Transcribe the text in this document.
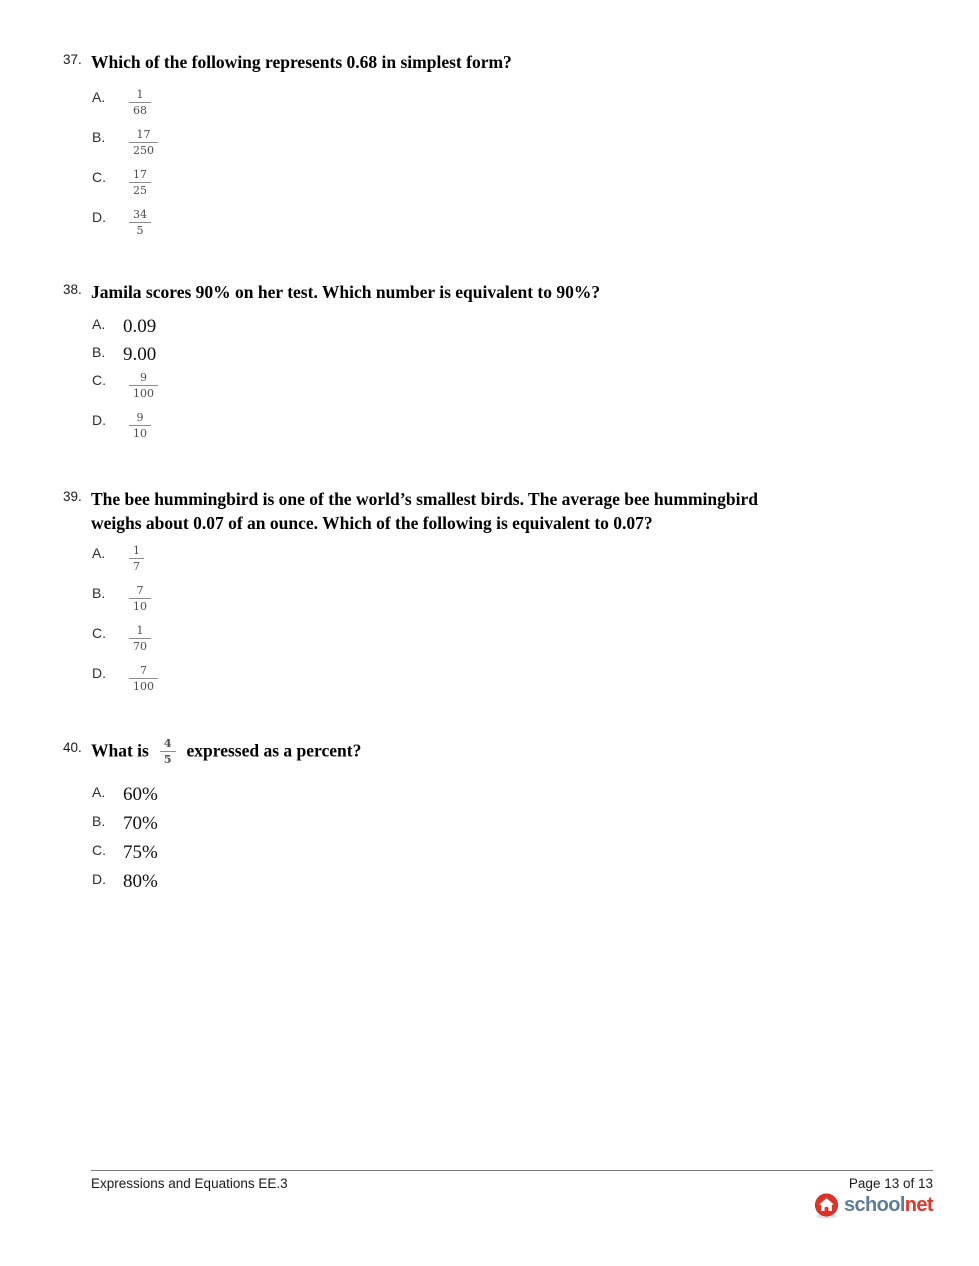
37. Which of the following represents 0.68 in simplest form?
A.	$\frac{1}{68}$
B.	$\frac{17}{250}$
C.	$\frac{17}{25}$
D.	$\frac{34}{5}$
38. Jamila scores 90% on her test. Which number is equivalent to 90%?
A. 0.09
B. 9.00
C.	$\frac{9}{100}$
D.	$\frac{9}{10}$
39. The bee hummingbird is one of the world’s smallest birds. The average bee hummingbird weighs about 0.07 of an ounce. Which of the following is equivalent to 0.07?
A.	$\frac{1}{7}$
B.	$\frac{7}{10}$
C.	$\frac{1}{70}$
D.	$\frac{7}{100}$
40. What is $\frac{4}{5}$ expressed as a percent?
A. 60%
B. 70%
C. 75%
D. 80%
Expressions and Equations EE.3	Page 13 of 13
schoolnet
